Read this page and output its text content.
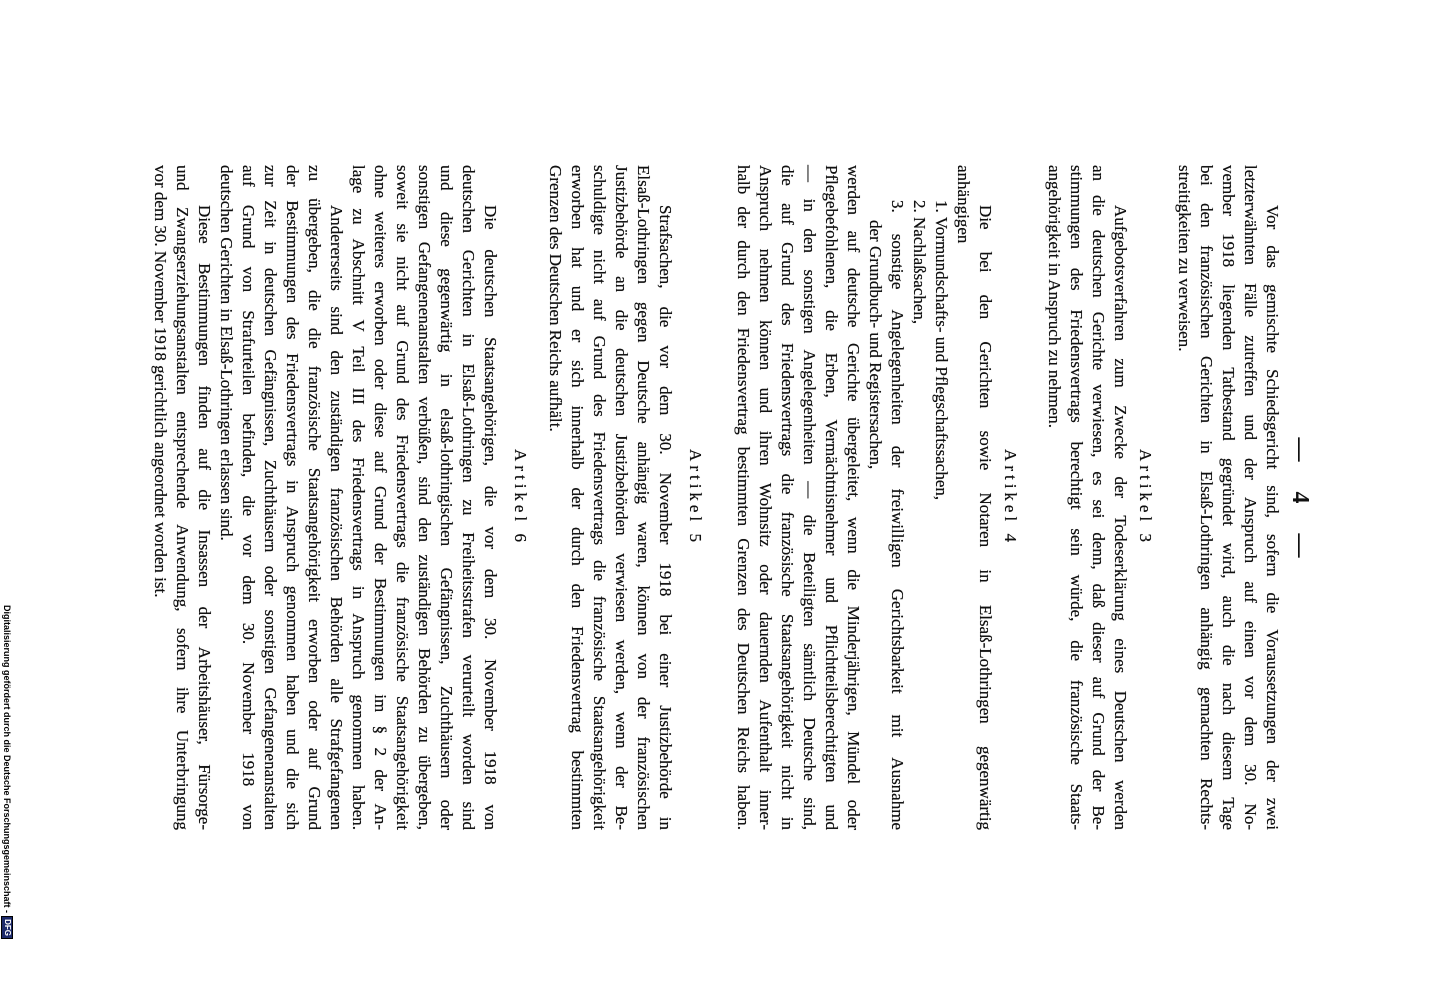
— 4 —
Vor das gemischte Schiedsgericht sind, sofern die Voraussetzungen der zwei
letzterwähnten Fälle zutreffen und der Anspruch auf einen vor dem 30. No-
vember 1918 liegenden Tatbestand gegründet wird, auch die nach diesem Tage
bei den französischen Gerichten in Elsaß-Lothringen anhängig gemachten Rechts-
streitigkeiten zu verweisen.
Artikel 3
Aufgebotsverfahren zum Zwecke der Todeserklärung eines Deutschen werden
an die deutschen Gerichte verwiesen, es sei denn, daß dieser auf Grund der Be-
stimmungen des Friedensvertrags berechtigt sein würde, die französische Staats-
angehörigkeit in Anspruch zu nehmen.
Artikel 4
Die bei den Gerichten sowie Notaren in Elsaß-Lothringen gegenwärtig
anhängigen
1. Vormundschafts- und Pflegschaftssachen,
2. Nachlaßsachen,
3. sonstige Angelegenheiten der freiwilligen Gerichtsbarkeit mit Ausnahme
der Grundbuch- und Registersachen,
werden auf deutsche Gerichte übergeleitet, wenn die Minderjährigen, Mündel oder
Pflegebefohlenen, die Erben, Vermächtnisnehmer und Pflichtteilsberechtigten und
— in den sonstigen Angelegenheiten — die Beteiligten sämtlich Deutsche sind,
die auf Grund des Friedensvertrags die französische Staatsangehörigkeit nicht in
Anspruch nehmen können und ihren Wohnsitz oder dauernden Aufenthalt inner-
halb der durch den Friedensvertrag bestimmten Grenzen des Deutschen Reichs haben.
Artikel 5
Strafsachen, die vor dem 30. November 1918 bei einer Justizbehörde in
Elsaß-Lothringen gegen Deutsche anhängig waren, können von der französischen
Justizbehörde an die deutschen Justizbehörden verwiesen werden, wenn der Be-
schuldigte nicht auf Grund des Friedensvertrags die französische Staatsangehörigkeit
erworben hat und er sich innerhalb der durch den Friedensvertrag bestimmten
Grenzen des Deutschen Reichs aufhält.
Artikel 6
Die deutschen Staatsangehörigen, die vor dem 30. November 1918 von
deutschen Gerichten in Elsaß-Lothringen zu Freiheitsstrafen verurteilt worden sind
und diese gegenwärtig in elsaß-lothringischen Gefängnissen, Zuchthäusern oder
sonstigen Gefangenenanstalten verbüßen, sind den zuständigen Behörden zu übergeben,
soweit sie nicht auf Grund des Friedensvertrags die französische Staatsangehörigkeit
ohne weiteres erworben oder diese auf Grund der Bestimmungen im § 2 der An-
lage zu Abschnitt V Teil III des Friedensvertrags in Anspruch genommen haben.
Andererseits sind den zuständigen französischen Behörden alle Strafgefangenen
zu übergeben, die die französische Staatsangehörigkeit erworben oder auf Grund
der Bestimmungen des Friedensvertrags in Anspruch genommen haben und die sich
zur Zeit in deutschen Gefängnissen, Zuchthäusern oder sonstigen Gefangenenanstalten
auf Grund von Strafurteilen befinden, die vor dem 30. November 1918 von
deutschen Gerichten in Elsaß-Lothringen erlassen sind.
Diese Bestimmungen finden auf die Insassen der Arbeitshäuser, Fürsorge-
und Zwangserziehungsanstalten entsprechende Anwendung, sofern ihre Unterbringung
vor dem 30. November 1918 gerichtlich angeordnet worden ist.
Digitalisierung gefördert durch die Deutsche Forschungsgemeinschaft -
DFG
